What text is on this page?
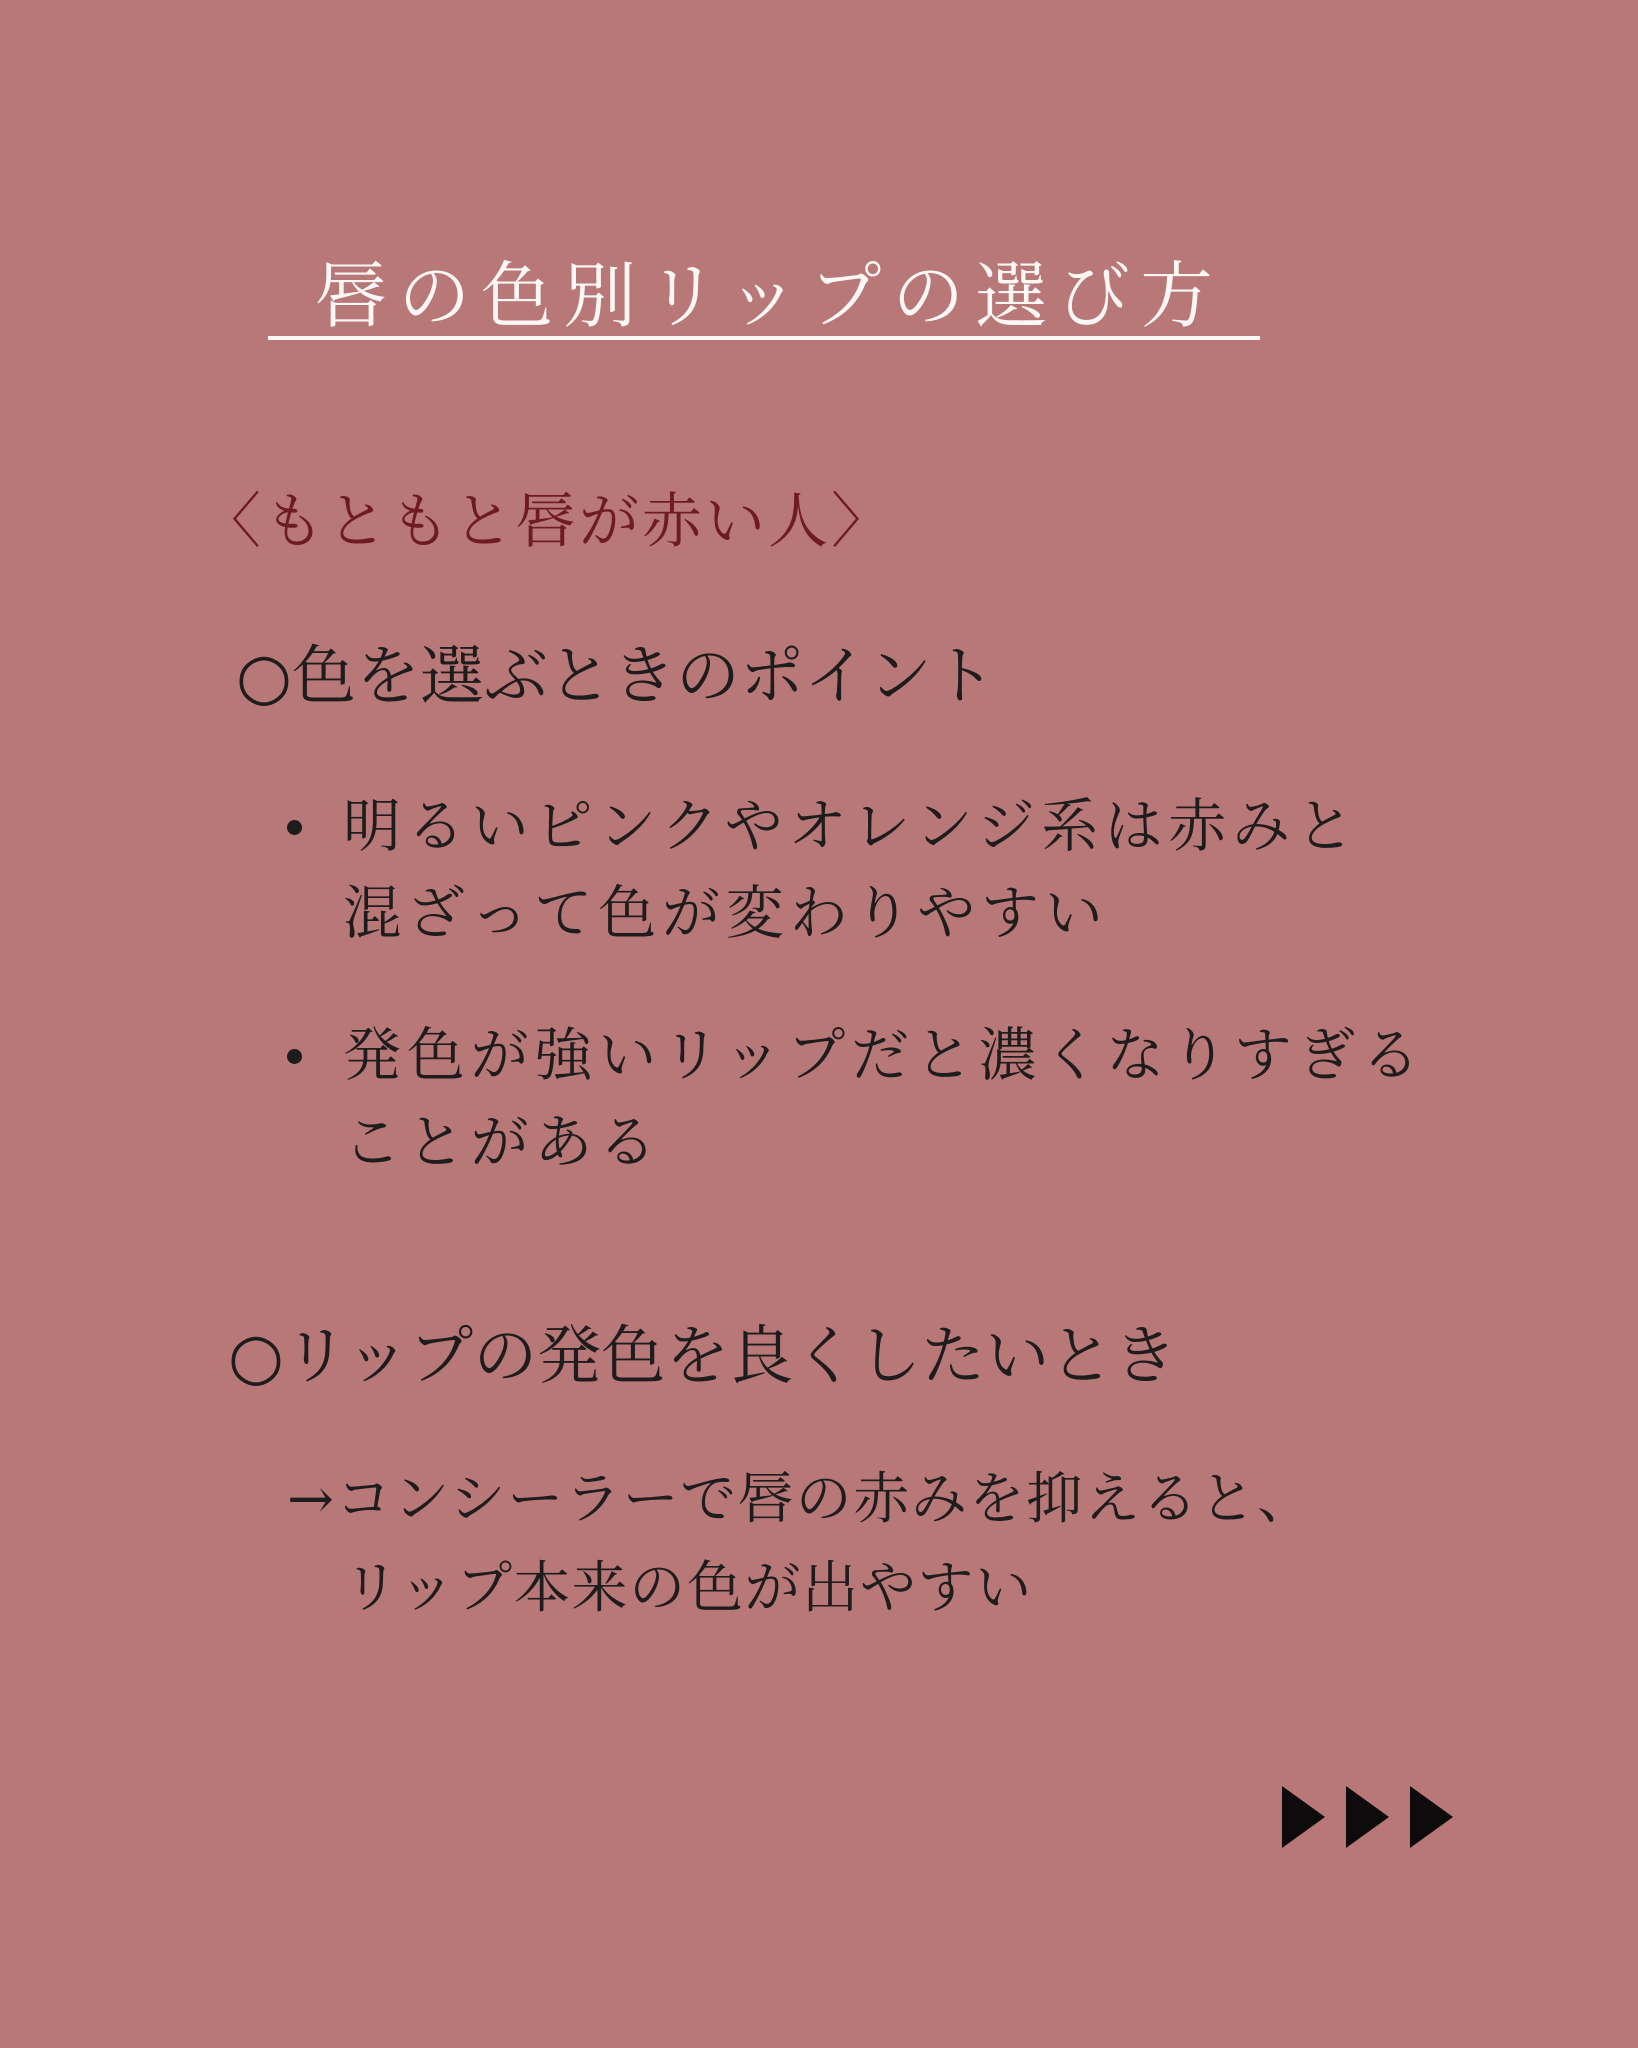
唇の色別リップの選び方
〈もともと唇が赤い人〉
○色を選ぶときのポイント
明るいピンクやオレンジ系は赤みと
混ざって色が変わりやすい
発色が強いリップだと濃くなりすぎる
ことがある
○リップの発色を良くしたいとき
→コンシーラーで唇の赤みを抑えると、
リップ本来の色が出やすい
